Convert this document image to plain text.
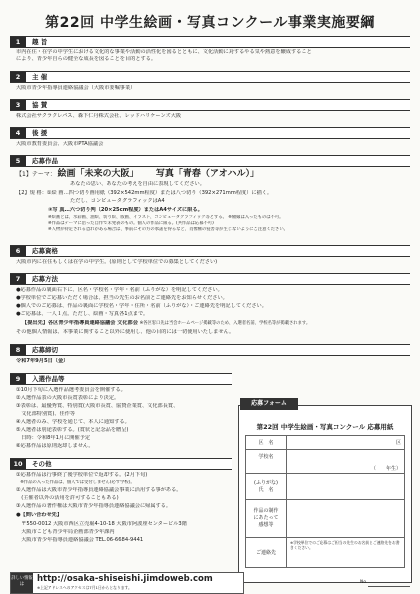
第22回 中学生絵画・写真コンクール事業実施要綱
1 趣 旨
市内在住・在学の中学生における文化的な事業や活動の活性化を図るとともに、文化活動に対するやる気や熱意を醸成すること
により、青少年自らの健全な成長を図ることを目的とする。
2 主 催
大阪市青少年指導員連絡協議会（大阪市委嘱事業）
3 協 賛
株式会社サクラクレパス、森下仁丹株式会社、レッドハリケーンズ大阪
4 後 援
大阪市教育委員会、大阪市PTA協議会
5 応募作品
【1】テーマ： 絵画「未来の大阪」 写真「青春（アオハル）」
あなたの思い、あなたの考えを自由に表現してください。
【2】規 格：①絵 画…四つ切り画用紙（392×542mm程度）または八つ切り（392×271mm程度）に描く。
ただし、コンピュータグラフィックはA4
②写 真…六つ切り判（20×25cm程度）またはA4サイズに限る。
※絵画とは、水彩画、油絵、切り絵、版画、イラスト、コンピュータグラフィック等とする。 ※額縁は入ったものは不可。
※作品はテーマに沿った自作で未発表のもの。個人の作品に限る。(共作品は応募不可)
※人物が特定される恐れがある場合は、事前にその方の承諾を得るなど、肖像権の侵害等が生じないようにご注意ください。
6 応募資格
大阪市内に在住もしくは在学の中学生。(原則として学校単位での募集としてください)
7 応募方法
●応募作品の裏面右下に、区名・学校名・学年・名前（ふりがな）を明記してください。
●学校単位でご応募いただく場合は、担当の先生のお名前とご連絡先をお知らせください。
●個人でのご応募は、作品の裏面に学校名・学年・住所・名前（ふりがな）・ご連絡先を明記してください。
●ご応募は、一人１点。ただし、絵画・写真各1点まで。
【提出先】各区青少年指導員連絡協議会 文化部会 ※各区窓口先は当会ホームページ掲載等のため、入選者名前、学校名等が掲載されます。
その他個人情報は、本事業に関すること以外に使用し、他の目的には一切使用いたしません。
8 応募締切
令和7年9月5日（金）
9 入選作品等
①10月下旬に入選作品選考委員会を開催する。
②入選作品表の大阪市長賞表彰により決定。
③表彰は、最優秀賞、特別賞(大阪市長賞、協賛企業賞、文化部長賞、
　文化部特別賞)、佳作等
④入選者のみ、学校を通じて、本人に通知する。
⑤入選者は別途表彰する。(賞状と記念品を贈呈)
　日時：令和8年1月に開催予定
⑥応募作品は原則返却しません。
10 その他
①応募作品は行事終了後学校単位で返却する。(2月下旬)
　※作品の入った作品は、個人では受付しません(必ず学校)。
②入選作品は大阪市青少年指導員連絡協議会事業に活用する事がある。
　(主催者以外の活用を許可することもある)
③入選作品の著作権は大阪市青少年指導員連絡協議会に帰属する。
●【問い合わせ先】
　〒550-0012 大阪市西区立売堀4-10-18 大阪市阿波座センタービル3階
　大阪市こども青少年局企画部青少年課内
　大阪市青少年指導員連絡協議会 TEL.06-6684-9441
第22回 中学生絵画・写真コンクール 応募用紙
区　名	区
学校名	
	（　　年生）
(ふりがな)
氏　名	
作品の制作
にあたって
感想等	
ご連絡先	※学校単位でのご応募はご担当の先生のお名前とご連絡先をお書きください。
応募フォーム
詳しい情報は
http://osaka-shiseishi.jimdoweb.com
※上記アドレスへのアクセスは7月1日からとなります。
No.
